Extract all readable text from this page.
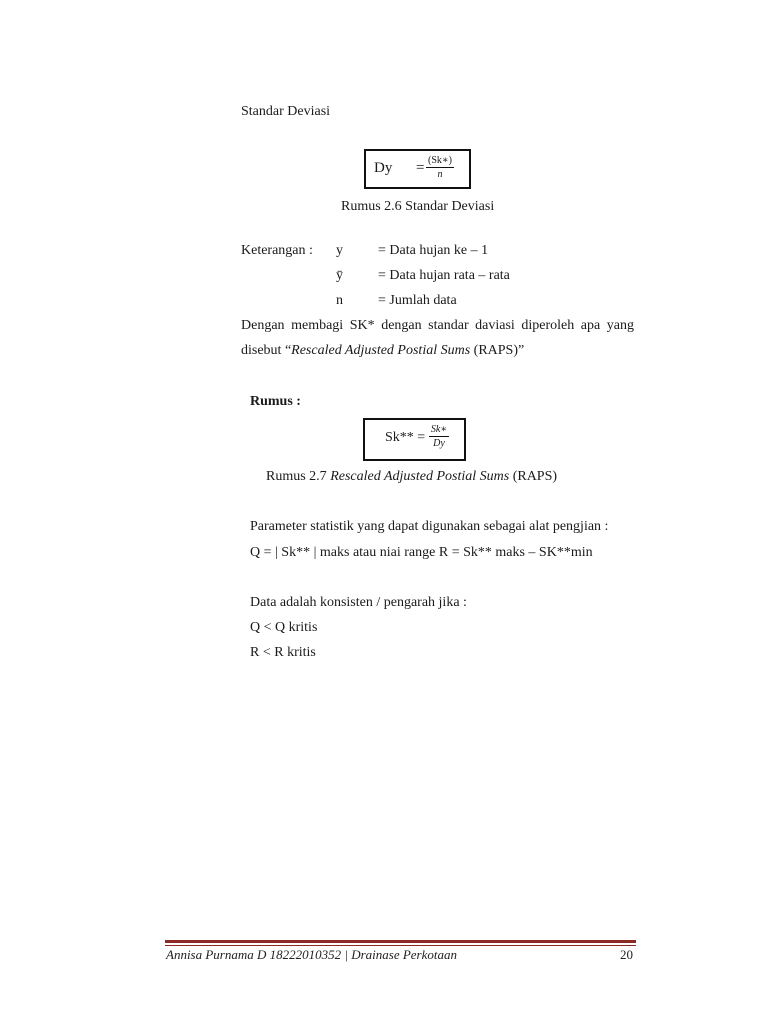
Standar Deviasi
Dy = (Sk∗)
n
Rumus 2.6 Standar Deviasi
Keterangan : y	= Data hujan ke – 1
ȳ	= Data hujan rata – rata
n	= Jumlah data
Dengan membagi SK* dengan standar daviasi diperoleh apa yang
disebut “Rescaled Adjusted Postial Sums (RAPS)”
Rumus :
Sk** =
Sk∗
Dy
Rumus 2.7 Rescaled Adjusted Postial Sums (RAPS)
Parameter statistik yang dapat digunakan sebagai alat pengjian :
Q = | Sk** | maks atau niai range R = Sk** maks – SK**min
Data adalah konsisten / pengarah jika :
Q < Q kritis
R < R kritis
Annisa Purnama D 18222010352 | Drainase Perkotaan	20
